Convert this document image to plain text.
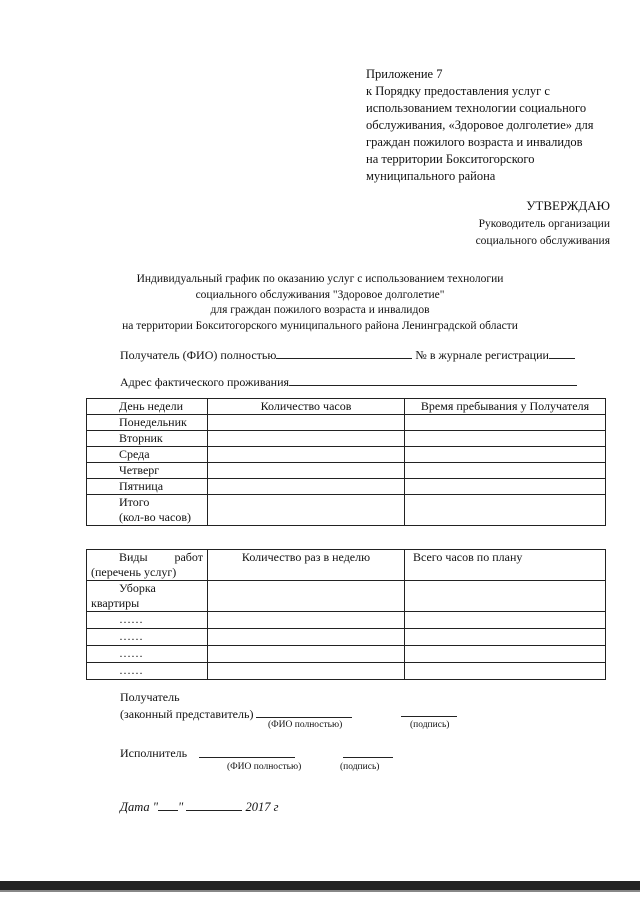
Приложение 7
к Порядку предоставления услуг с
использованием технологии социального
обслуживания, «Здоровое долголетие» для
граждан пожилого возраста и инвалидов
на территории Бокситогорского
муниципального района
УТВЕРЖДАЮ
Руководитель организации
социального обслуживания
Индивидуальный график по оказанию услуг с использованием технологии
социального обслуживания "Здоровое долголетие"
для граждан пожилого возраста и инвалидов
на территории Бокситогорского муниципального района Ленинградской области
Получатель (ФИО) полностью	№ в журнале регистрации
Адрес фактического проживания
День недели	Количество часов	Время пребывания у Получателя
Понедельник		
Вторник		
Среда		
Четверг		
Пятница		

Итого
(кол-во часов)		

Виды работ
(перечень услуг)	Количество раз в неделю	Всего часов по плану

Уборка
квартиры		

……		
……		
……		
……		
Получатель
(законный представитель)
(ФИО полностью)	(подпись)
Исполнитель
(ФИО полностью)	(подпись)
Дата " "	2017 г
